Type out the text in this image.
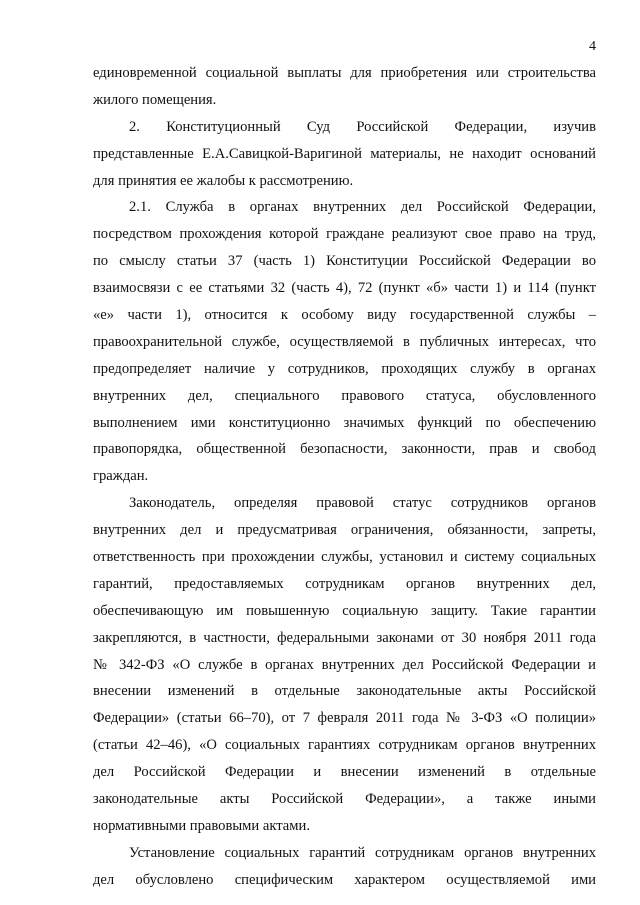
4

единовременной социальной выплаты для приобретения или строительства
жилого помещения.

2. Конституционный Суд Российской Федерации, изучив
представленные Е.А.Савицкой-Варигиной материалы, не находит оснований
для принятия ее жалобы к рассмотрению.

2.1. Служба в органах внутренних дел Российской Федерации,
посредством прохождения которой граждане реализуют свое право на труд,
по смыслу статьи 37 (часть 1) Конституции Российской Федерации во
взаимосвязи с ее статьями 32 (часть 4), 72 (пункт «б» части 1) и 114 (пункт
«е» части 1), относится к особому виду государственной службы –
правоохранительной службе, осуществляемой в публичных интересах, что
предопределяет наличие у сотрудников, проходящих службу в органах
внутренних дел, специального правового статуса, обусловленного
выполнением ими конституционно значимых функций по обеспечению
правопорядка, общественной безопасности, законности, прав и свобод
граждан.

Законодатель, определяя правовой статус сотрудников органов
внутренних дел и предусматривая ограничения, обязанности, запреты,
ответственность при прохождении службы, установил и систему социальных
гарантий, предоставляемых сотрудникам органов внутренних дел,
обеспечивающую им повышенную социальную защиту. Такие гарантии
закрепляются, в частности, федеральными законами от 30 ноября 2011 года
№ 342-ФЗ «О службе в органах внутренних дел Российской Федерации и
внесении изменений в отдельные законодательные акты Российской
Федерации» (статьи 66–70), от 7 февраля 2011 года № 3-ФЗ «О полиции»
(статьи 42–46), «О социальных гарантиях сотрудникам органов внутренних
дел Российской Федерации и внесении изменений в отдельные
законодательные акты Российской Федерации», а также иными
нормативными правовыми актами.

Установление социальных гарантий сотрудникам органов внутренних
дел обусловлено специфическим характером осуществляемой ими
